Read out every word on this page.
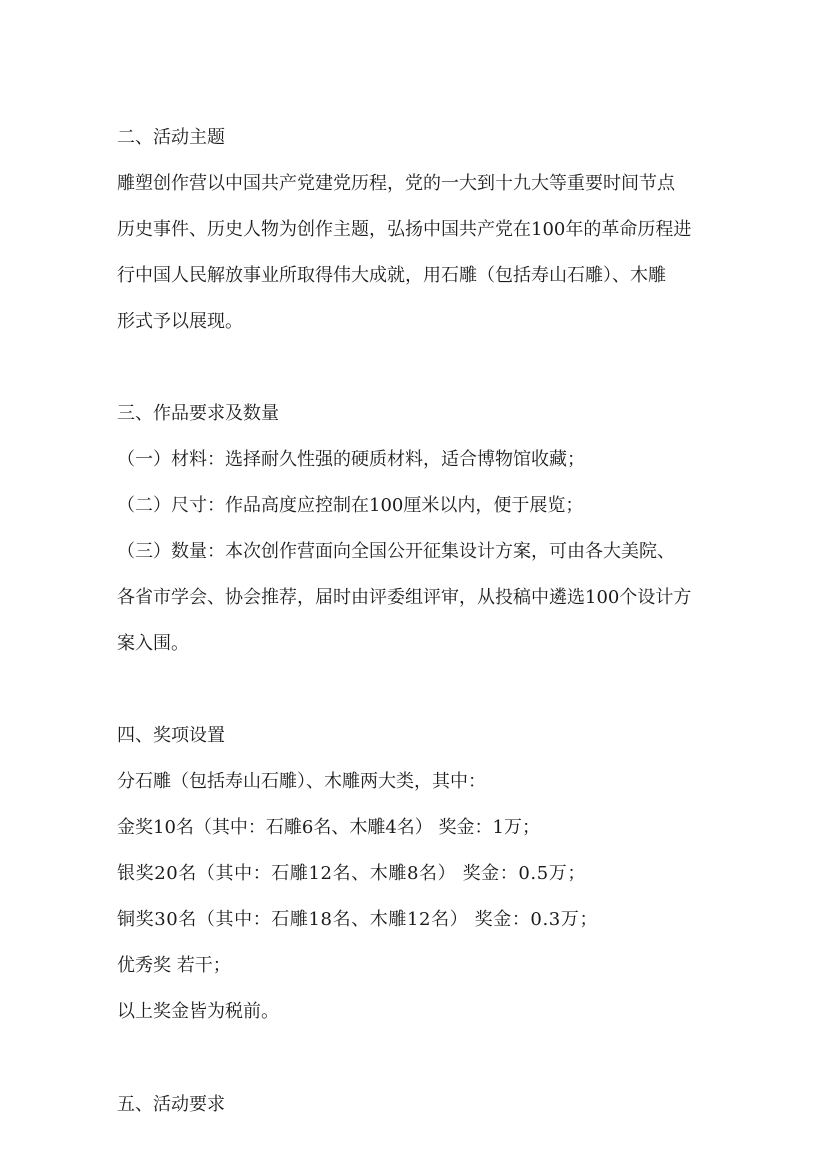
二、活动主题
雕塑创作营以中国共产党建党历程，党的一大到十九大等重要时间节点
历史事件、历史人物为创作主题，弘扬中国共产党在100年的革命历程进
行中国人民解放事业所取得伟大成就，用石雕（包括寿山石雕）、木雕
形式予以展现。
三、作品要求及数量
（一）材料：选择耐久性强的硬质材料，适合博物馆收藏；
（二）尺寸：作品高度应控制在100厘米以内，便于展览；
（三）数量：本次创作营面向全国公开征集设计方案，可由各大美院、
各省市学会、协会推荐，届时由评委组评审，从投稿中遴选100个设计方
案入围。
四、奖项设置
分石雕（包括寿山石雕）、木雕两大类，其中：
金奖10名（其中：石雕6名、木雕4名） 奖金：1万；
银奖20名（其中：石雕12名、木雕8名） 奖金：0.5万；
铜奖30名（其中：石雕18名、木雕12名） 奖金：0.3万；
优秀奖 若干；
以上奖金皆为税前。
五、活动要求
